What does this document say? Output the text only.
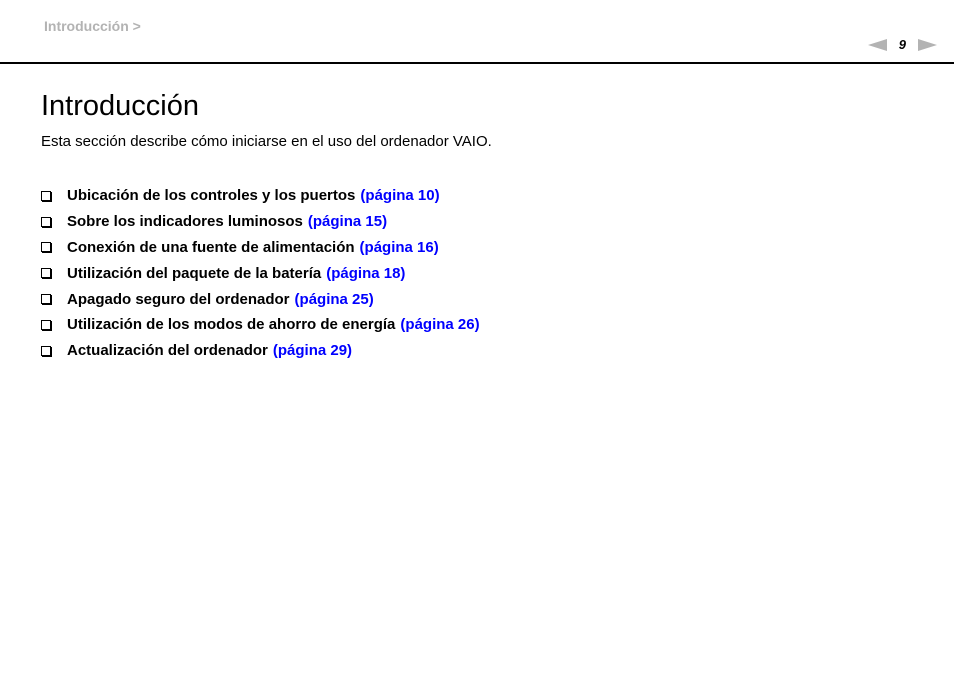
Introducción >
9
Introducción

Esta sección describe cómo iniciarse en el uso del ordenador VAIO.

Ubicación de los controles y los puertos (página 10)
Sobre los indicadores luminosos (página 15)
Conexión de una fuente de alimentación (página 16)
Utilización del paquete de la batería (página 18)
Apagado seguro del ordenador (página 25)
Utilización de los modos de ahorro de energía (página 26)
Actualización del ordenador (página 29)
